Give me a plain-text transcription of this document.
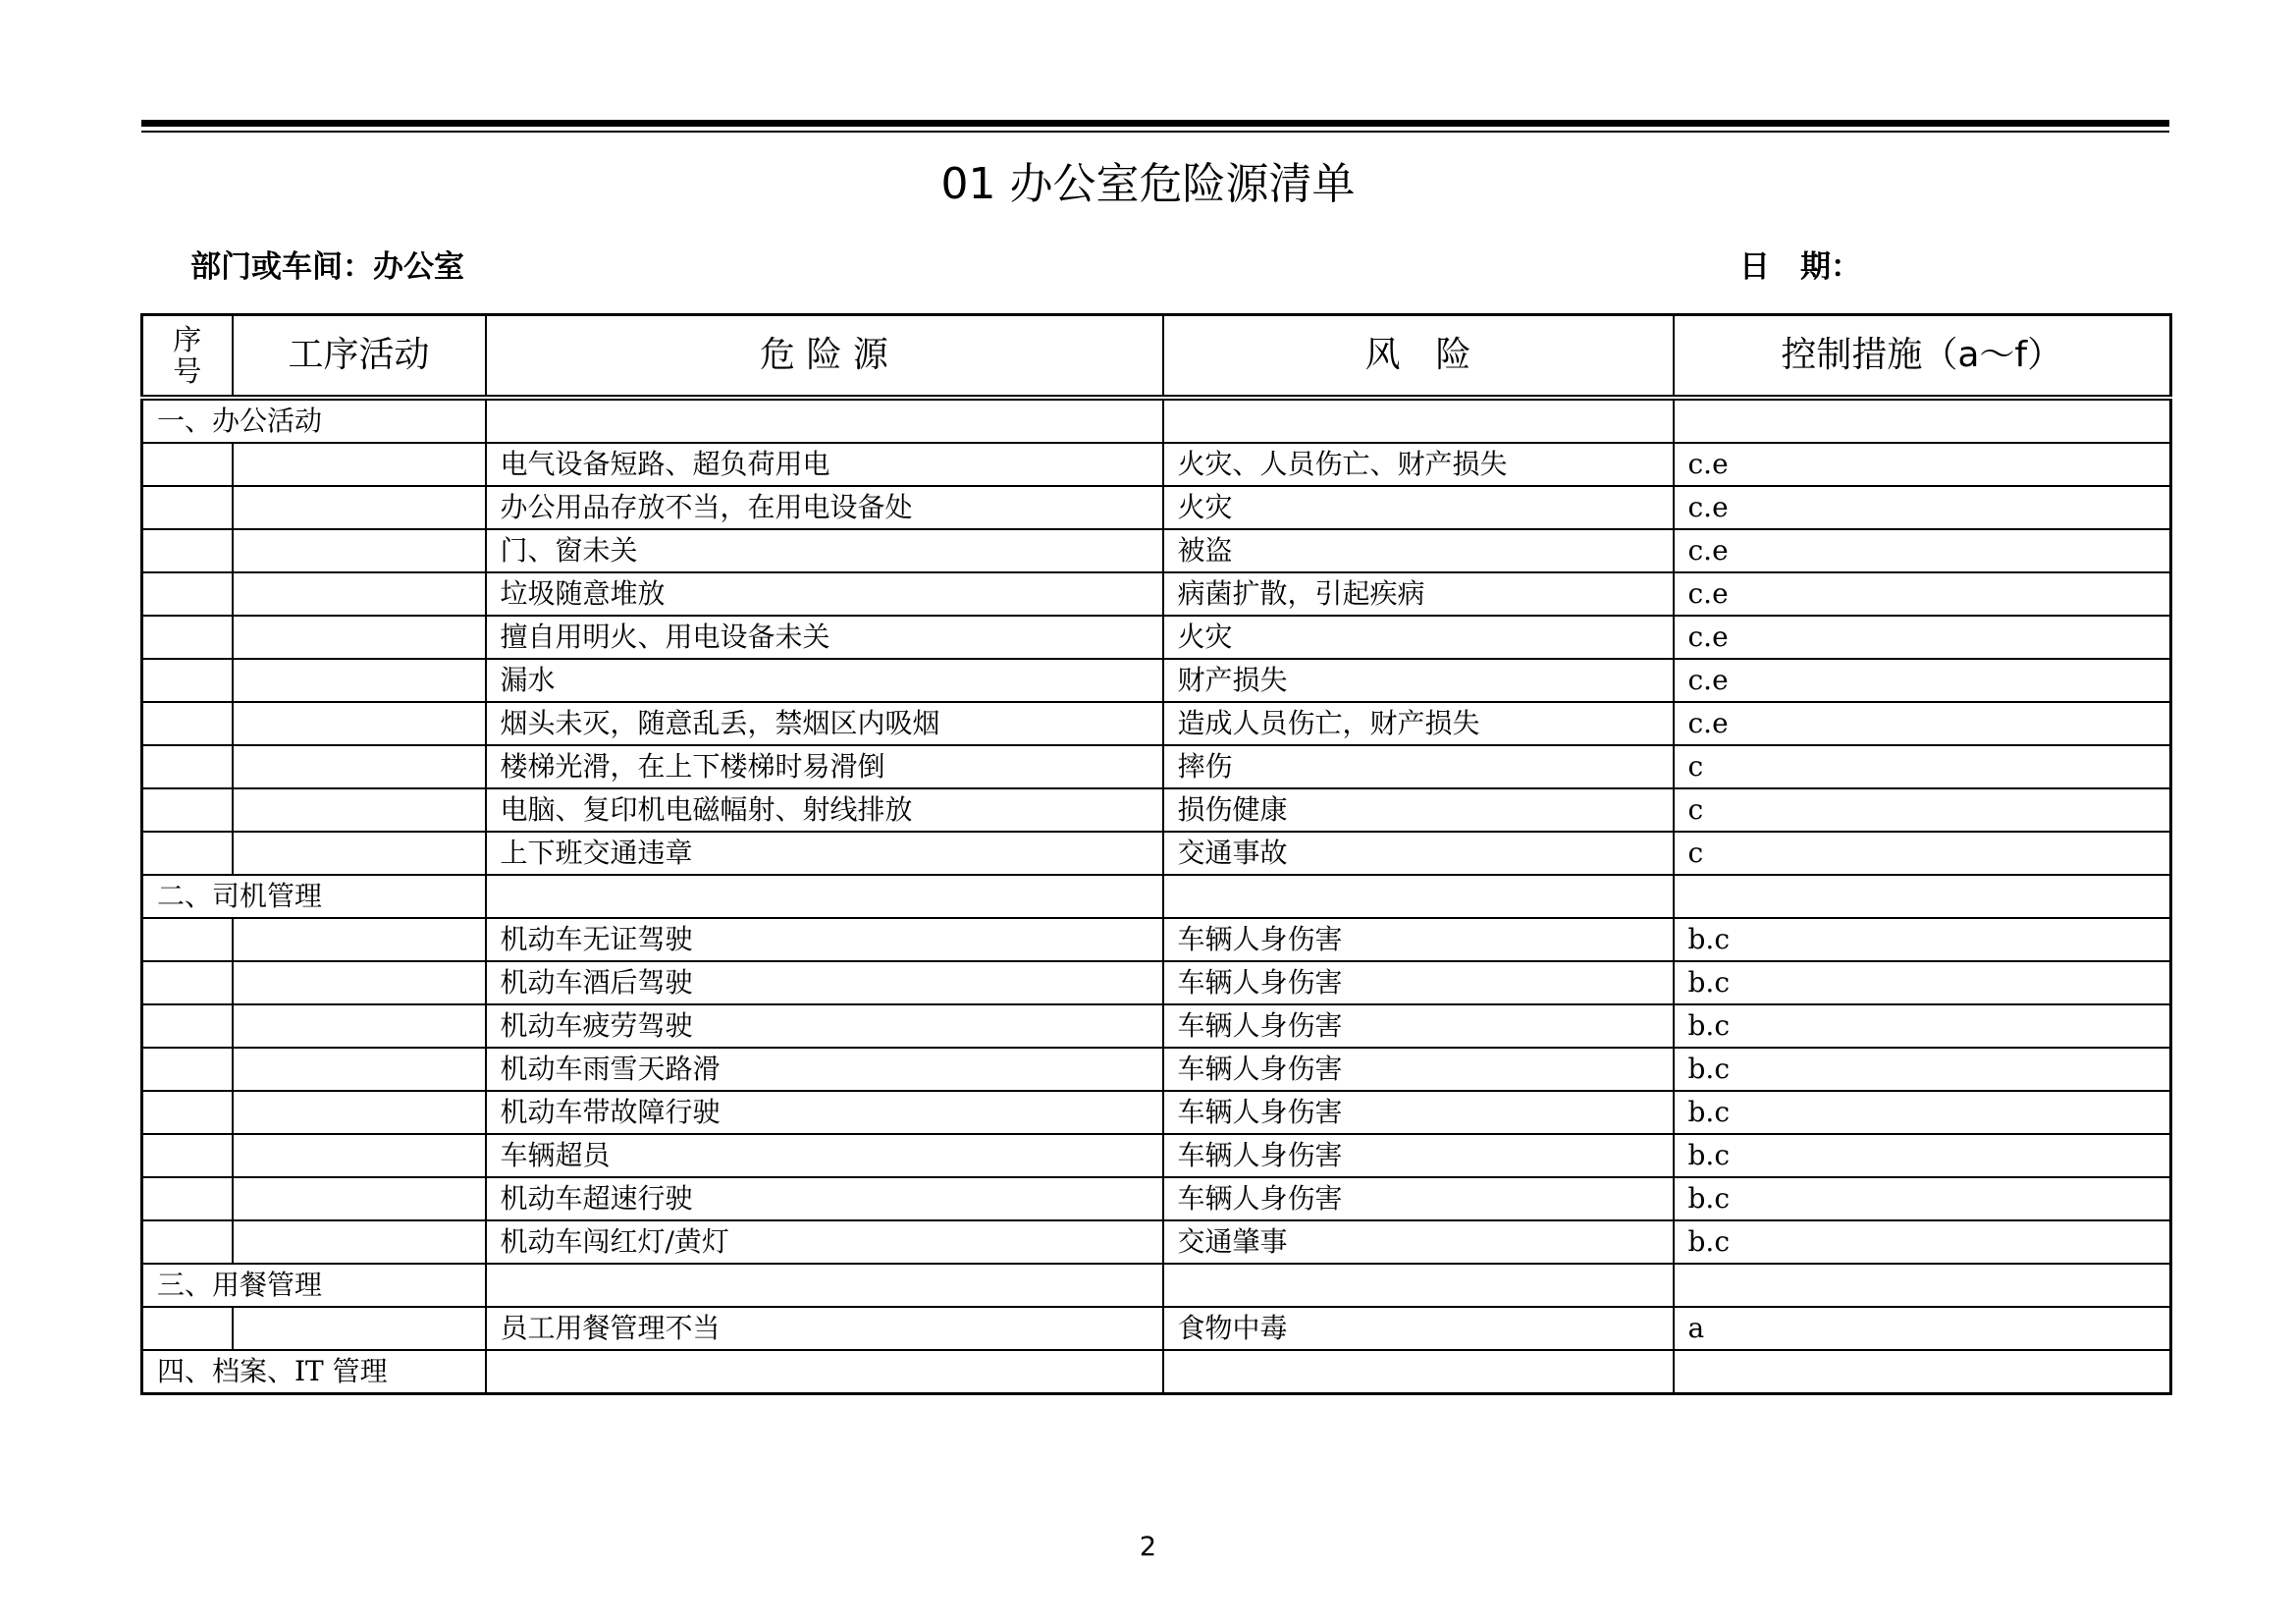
01 办公室危险源清单
部门或车间：办公室	日　期：
序
号	工序活动	危 险 源	风　险	控制措施（a～f）
一、办公活动				
		电气设备短路、超负荷用电	火灾、人员伤亡、财产损失	c.e
		办公用品存放不当，在用电设备处	火灾	c.e
		门、窗未关	被盗	c.e
		垃圾随意堆放	病菌扩散，引起疾病	c.e
		擅自用明火、用电设备未关	火灾	c.e
		漏水	财产损失	c.e
		烟头未灭，随意乱丢，禁烟区内吸烟	造成人员伤亡，财产损失	c.e
		楼梯光滑，在上下楼梯时易滑倒	摔伤	c
		电脑、复印机电磁幅射、射线排放	损伤健康	c
		上下班交通违章	交通事故	c
二、司机管理				
		机动车无证驾驶	车辆人身伤害	b.c
		机动车酒后驾驶	车辆人身伤害	b.c
		机动车疲劳驾驶	车辆人身伤害	b.c
		机动车雨雪天路滑	车辆人身伤害	b.c
		机动车带故障行驶	车辆人身伤害	b.c
		车辆超员	车辆人身伤害	b.c
		机动车超速行驶	车辆人身伤害	b.c
		机动车闯红灯/黄灯	交通肇事	b.c
三、用餐管理				
		员工用餐管理不当	食物中毒	a
四、档案、IT 管理				
2
